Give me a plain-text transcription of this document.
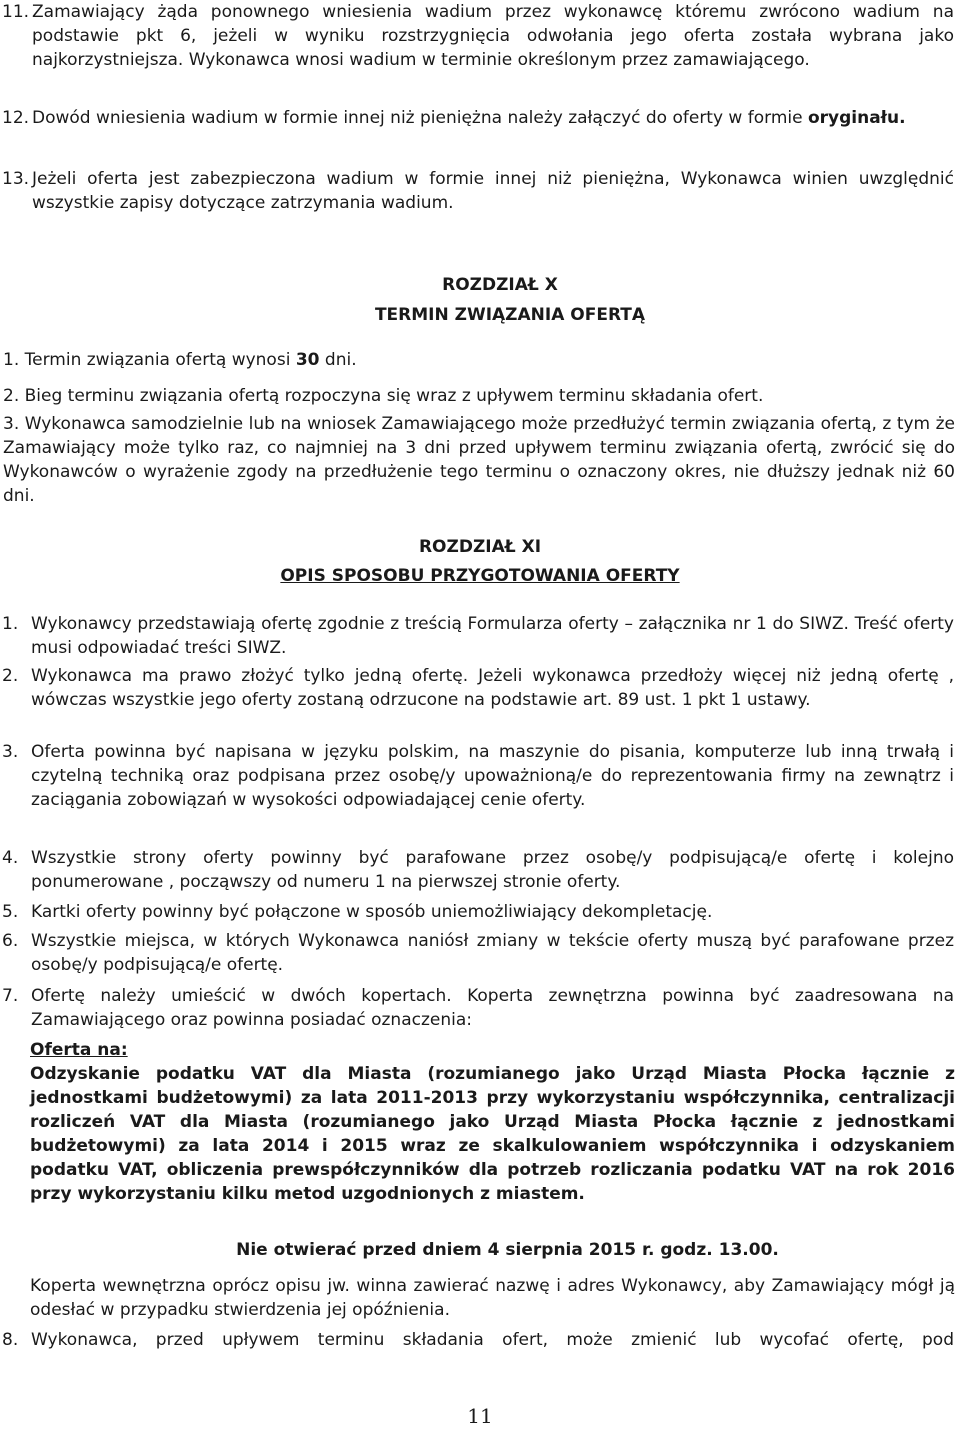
11. Zamawiający żąda ponownego wniesienia wadium przez wykonawcę któremu zwrócono wadium na podstawie pkt 6, jeżeli w wyniku rozstrzygnięcia odwołania jego oferta została wybrana jako najkorzystniejsza. Wykonawca wnosi wadium w terminie określonym przez zamawiającego.
12. Dowód wniesienia wadium w formie innej niż pieniężna należy załączyć do oferty w formie oryginału.
13. Jeżeli oferta jest zabezpieczona wadium w formie innej niż pieniężna, Wykonawca winien uwzględnić wszystkie zapisy dotyczące zatrzymania wadium.
ROZDZIAŁ X
TERMIN ZWIĄZANIA OFERTĄ
1. Termin związania ofertą wynosi 30 dni.
2. Bieg terminu związania ofertą rozpoczyna się wraz z upływem terminu składania ofert.
3. Wykonawca samodzielnie lub na wniosek Zamawiającego może przedłużyć termin związania ofertą, z tym że Zamawiający może tylko raz, co najmniej na 3 dni przed upływem terminu związania ofertą, zwrócić się do Wykonawców o wyrażenie zgody na przedłużenie tego terminu o oznaczony okres, nie dłuższy jednak niż 60 dni.
ROZDZIAŁ XI
OPIS SPOSOBU PRZYGOTOWANIA OFERTY
1. Wykonawcy przedstawiają ofertę zgodnie z treścią Formularza oferty – załącznika nr 1 do SIWZ. Treść oferty musi odpowiadać treści SIWZ.
2. Wykonawca ma prawo złożyć tylko jedną ofertę. Jeżeli wykonawca przedłoży więcej niż jedną ofertę , wówczas wszystkie jego oferty zostaną odrzucone na podstawie art. 89 ust. 1 pkt 1 ustawy.
3. Oferta powinna być napisana w języku polskim, na maszynie do pisania, komputerze lub inną trwałą i czytelną techniką oraz podpisana przez osobę/y upoważnioną/e do reprezentowania firmy na zewnątrz i zaciągania zobowiązań w wysokości odpowiadającej cenie oferty.
4. Wszystkie strony oferty powinny być parafowane przez osobę/y podpisującą/e ofertę i kolejno ponumerowane , począwszy od numeru 1 na pierwszej stronie oferty.
5. Kartki oferty powinny być połączone w sposób uniemożliwiający dekompletację.
6. Wszystkie miejsca, w których Wykonawca naniósł zmiany w tekście oferty muszą być parafowane przez osobę/y podpisującą/e ofertę.
7. Ofertę należy umieścić w dwóch kopertach. Koperta zewnętrzna powinna być zaadresowana na Zamawiającego oraz powinna posiadać oznaczenia:
Oferta na:
Odzyskanie podatku VAT dla Miasta (rozumianego jako Urząd Miasta Płocka łącznie z jednostkami budżetowymi) za lata 2011-2013 przy wykorzystaniu współczynnika, centralizacji rozliczeń VAT dla Miasta (rozumianego jako Urząd Miasta Płocka łącznie z jednostkami budżetowymi) za lata 2014 i 2015 wraz ze skalkulowaniem współczynnika i odzyskaniem podatku VAT, obliczenia prewspółczynników dla potrzeb rozliczania podatku VAT na rok 2016 przy wykorzystaniu kilku metod uzgodnionych z miastem.
Nie otwierać przed dniem 4 sierpnia 2015 r. godz. 13.00.
Koperta wewnętrzna oprócz opisu jw. winna zawierać nazwę i adres Wykonawcy, aby Zamawiający mógł ją odesłać w przypadku stwierdzenia jej opóźnienia.
8. Wykonawca, przed upływem terminu składania ofert, może zmienić lub wycofać ofertę, pod
11
